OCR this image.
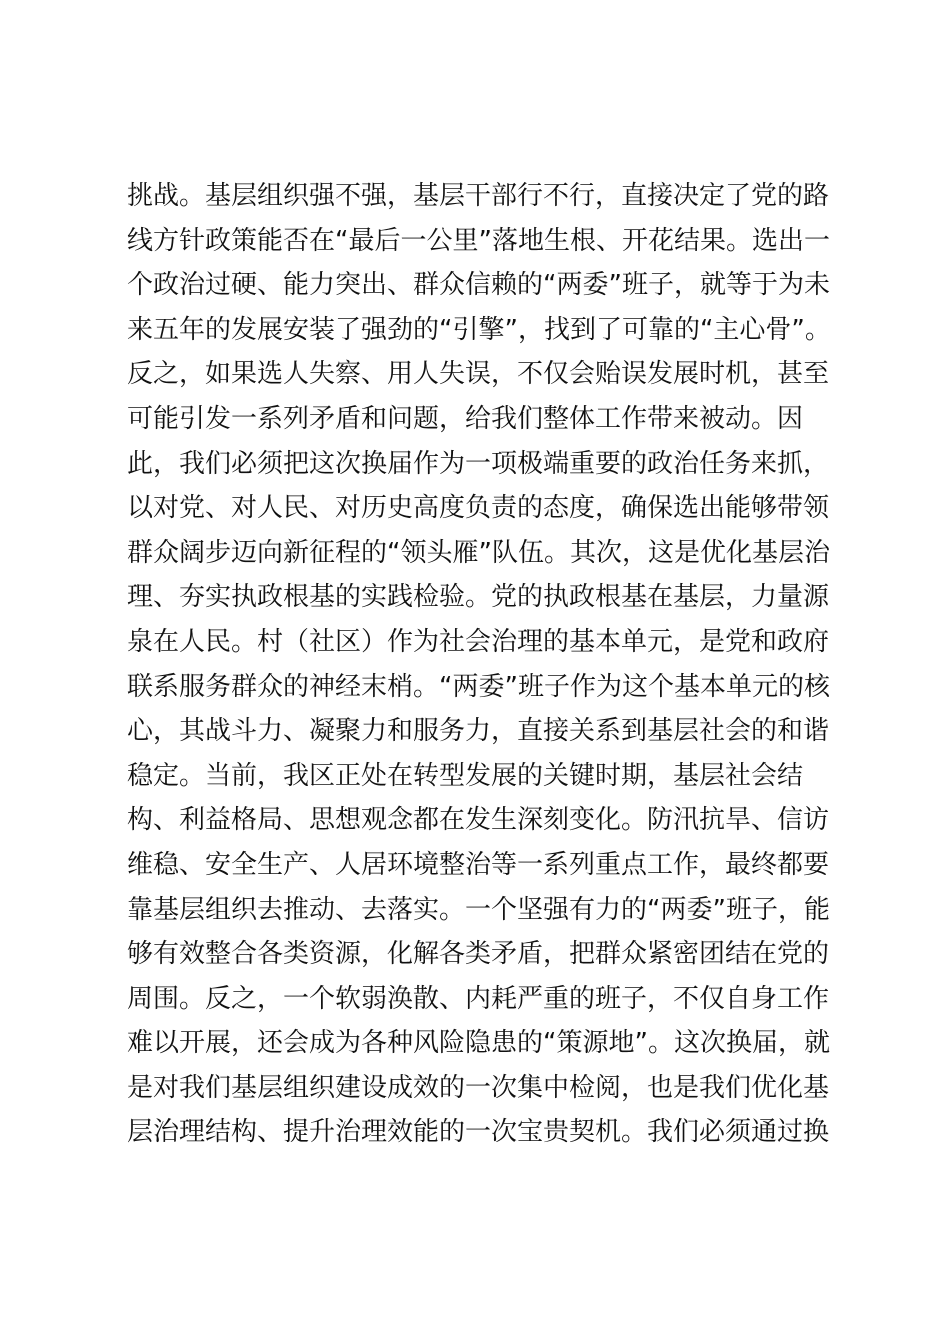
挑战。基层组织强不强，基层干部行不行，直接决定了党的路
线方针政策能否在“最后一公里”落地生根、开花结果。选出一
个政治过硬、能力突出、群众信赖的“两委”班子，就等于为未
来五年的发展安装了强劲的“引擎”，找到了可靠的“主心骨”。
反之，如果选人失察、用人失误，不仅会贻误发展时机，甚至
可能引发一系列矛盾和问题，给我们整体工作带来被动。因
此，我们必须把这次换届作为一项极端重要的政治任务来抓，
以对党、对人民、对历史高度负责的态度，确保选出能够带领
群众阔步迈向新征程的“领头雁”队伍。其次，这是优化基层治
理、夯实执政根基的实践检验。党的执政根基在基层，力量源
泉在人民。村（社区）作为社会治理的基本单元，是党和政府
联系服务群众的神经末梢。“两委”班子作为这个基本单元的核
心，其战斗力、凝聚力和服务力，直接关系到基层社会的和谐
稳定。当前，我区正处在转型发展的关键时期，基层社会结
构、利益格局、思想观念都在发生深刻变化。防汛抗旱、信访
维稳、安全生产、人居环境整治等一系列重点工作，最终都要
靠基层组织去推动、去落实。一个坚强有力的“两委”班子，能
够有效整合各类资源，化解各类矛盾，把群众紧密团结在党的
周围。反之，一个软弱涣散、内耗严重的班子，不仅自身工作
难以开展，还会成为各种风险隐患的“策源地”。这次换届，就
是对我们基层组织建设成效的一次集中检阅，也是我们优化基
层治理结构、提升治理效能的一次宝贵契机。我们必须通过换
